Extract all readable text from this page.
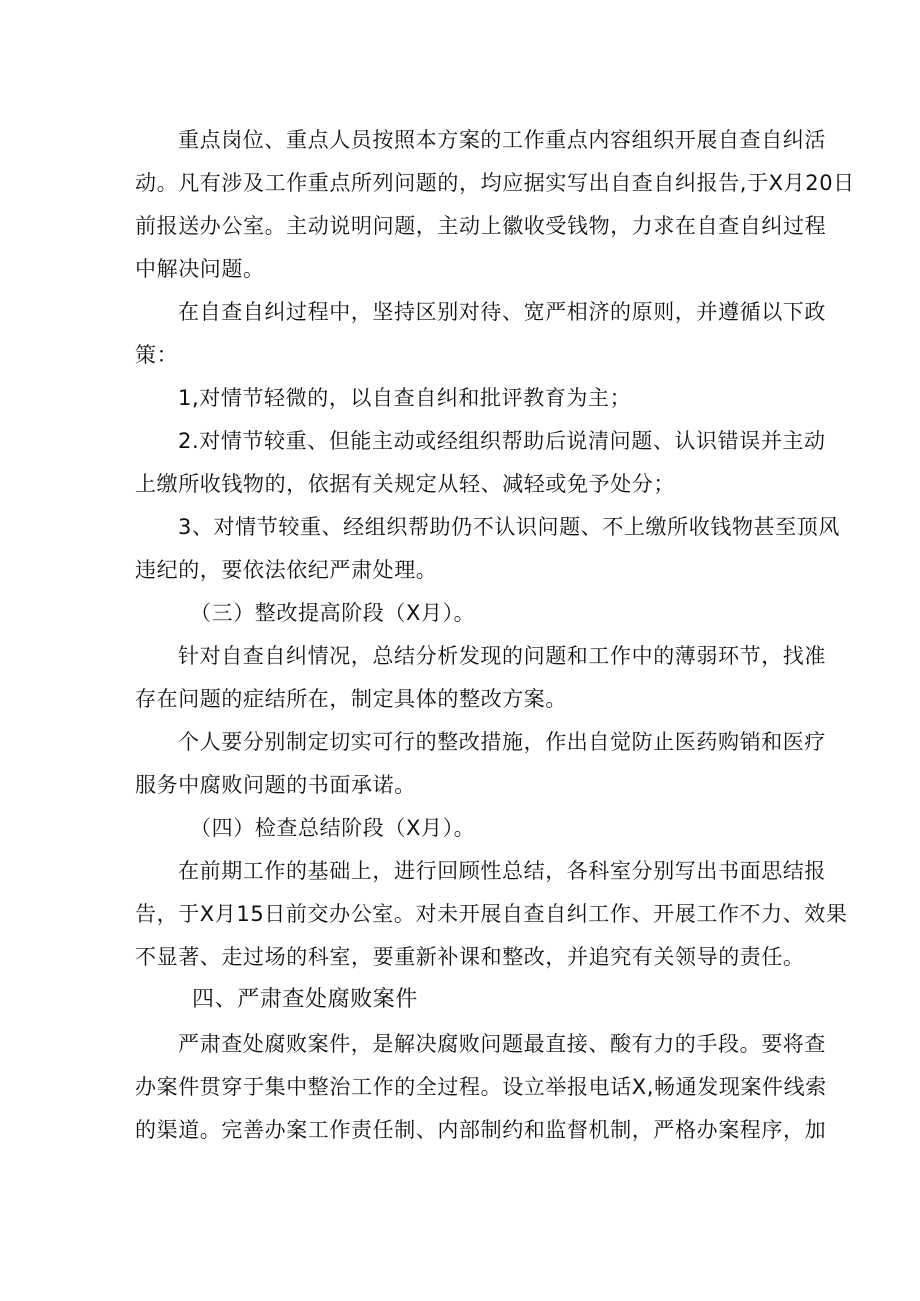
重点岗位、重点人员按照本方案的工作重点内容组织开展自查自纠活
动。凡有涉及工作重点所列问题的，均应据实写出自查自纠报告,于X月20日
前报送办公室。主动说明问题，主动上徽收受钱物，力求在自查自纠过程
中解决问题。
在自查自纠过程中，坚持区别对待、宽严相济的原则，并遵循以下政
策：
1,对情节轻微的，以自查自纠和批评教育为主；
2.对情节较重、但能主动或经组织帮助后说清问题、认识错误并主动
上缴所收钱物的，依据有关规定从轻、减轻或免予处分；
3、对情节较重、经组织帮助仍不认识问题、不上缴所收钱物甚至顶风
违纪的，要依法依纪严肃处理。
（三）整改提高阶段（X月）。
针对自查自纠情况，总结分析发现的问题和工作中的薄弱环节，找准
存在问题的症结所在，制定具体的整改方案。
个人要分别制定切实可行的整改措施，作出自觉防止医药购销和医疗
服务中腐败问题的书面承诺。
（四）检查总结阶段（X月）。
在前期工作的基础上，进行回顾性总结，各科室分别写出书面思结报
告，于X月15日前交办公室。对未开展自查自纠工作、开展工作不力、效果
不显著、走过场的科室，要重新补课和整改，并追究有关领导的责任。
四、严肃查处腐败案件
严肃查处腐败案件，是解决腐败问题最直接、酸有力的手段。要将查
办案件贯穿于集中整治工作的全过程。设立举报电话X,畅通发现案件线索
的渠道。完善办案工作责任制、内部制约和监督机制，严格办案程序，加
